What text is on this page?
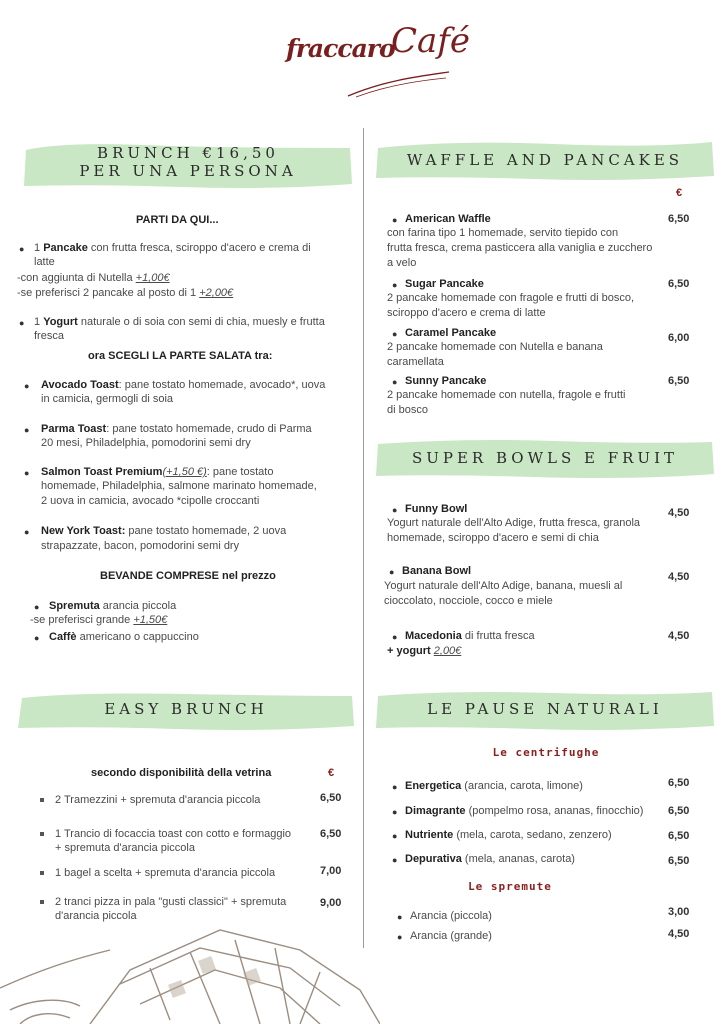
fraccaro
Café
BRUNCH €16,50
PER UNA PERSONA
PARTI DA QUI...
● 1 Pancake con frutta fresca, sciroppo d'acero e crema di
latte
-con aggiunta di Nutella +1,00€
-se preferisci 2 pancake al posto di 1 +2,00€
● 1 Yogurt naturale o di soia con semi di chia, muesly e frutta
fresca
ora SCEGLI LA PARTE SALATA tra:
● Avocado Toast: pane tostato homemade, avocado*, uova
in camicia, germogli di soia
● Parma Toast: pane tostato homemade, crudo di Parma
20 mesi, Philadelphia, pomodorini semi dry
● Salmon Toast Premium(+1,50 €): pane tostato
homemade, Philadelphia, salmone marinato homemade,
2 uova in camicia, avocado *cipolle croccanti
● New York Toast: pane tostato homemade, 2 uova
strapazzate, bacon, pomodorini semi dry
BEVANDE COMPRESE nel prezzo
● Spremuta arancia piccola
-se preferisci grande +1,50€
● Caffè americano o cappuccino
EASY BRUNCH
secondo disponibilità della vetrina	€
2 Tramezzini + spremuta d'arancia piccola	6,50
1 Trancio di focaccia toast con cotto e formaggio
+ spremuta d'arancia piccola
6,50
1 bagel a scelta + spremuta d'arancia piccola	7,00
2 tranci pizza in pala "gusti classici" + spremuta
d'arancia piccola
9,00
WAFFLE AND PANCAKES
€
● American Waffle
con farina tipo 1 homemade, servito tiepido con
frutta fresca, crema pasticcera alla vaniglia e zucchero
a velo
6,50
● Sugar Pancake
2 pancake homemade con fragole e frutti di bosco,
sciroppo d'acero e crema di latte
6,50
● Caramel Pancake
2 pancake homemade con Nutella e banana
caramellata
6,00
● Sunny Pancake
2 pancake homemade con nutella, fragole e frutti
di bosco
6,50
SUPER BOWLS E FRUIT
● Funny Bowl
Yogurt naturale dell'Alto Adige, frutta fresca, granola
homemade, sciroppo d'acero e semi di chia
4,50
● Banana Bowl
Yogurt naturale dell'Alto Adige, banana, muesli al
cioccolato, nocciole, cocco e miele
4,50
● Macedonia di frutta fresca	4,50
+ yogurt 2,00€
LE PAUSE NATURALI
Le centrifughe
● Energetica (arancia, carota, limone)	6,50
● Dimagrante (pompelmo rosa, ananas, finocchio) 6,50
● Nutriente (mela, carota, sedano, zenzero)	6,50
● Depurativa (mela, ananas, carota)	6,50
Le spremute
● Arancia (piccola)	3,00
● Arancia (grande)	4,50
